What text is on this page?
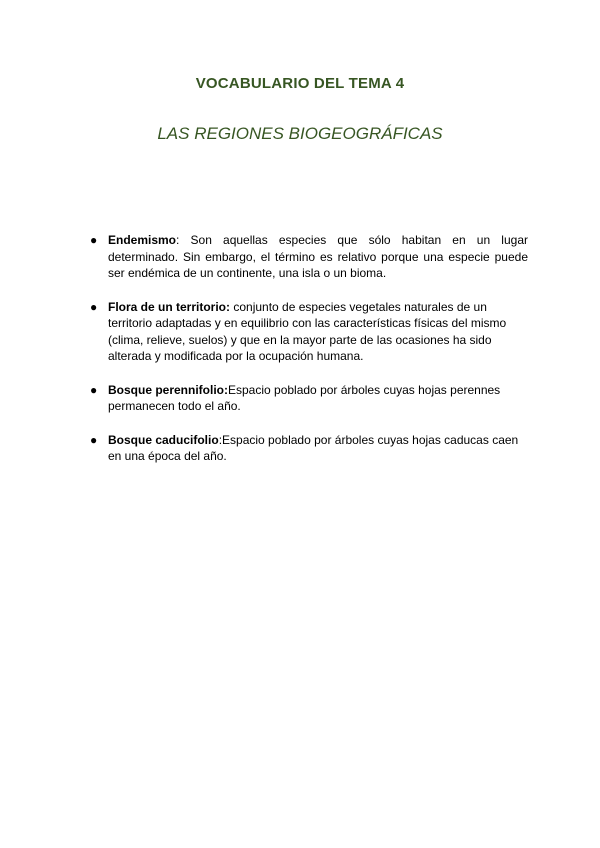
VOCABULARIO DEL TEMA 4
LAS REGIONES BIOGEOGRÁFICAS
● Endemismo: Son aquellas especies que sólo habitan en un lugar determinado. Sin embargo, el término es relativo porque una especie puede ser endémica de un continente, una isla o un bioma.
● Flora de un territorio: conjunto de especies vegetales naturales de un territorio adaptadas y en equilibrio con las características físicas del mismo (clima, relieve, suelos) y que en la mayor parte de las ocasiones ha sido alterada y modificada por la ocupación humana.
● Bosque perennifolio:Espacio poblado por árboles cuyas hojas perennes permanecen todo el año.
● Bosque caducifolio:Espacio poblado por árboles cuyas hojas caducas caen en una época del año.
